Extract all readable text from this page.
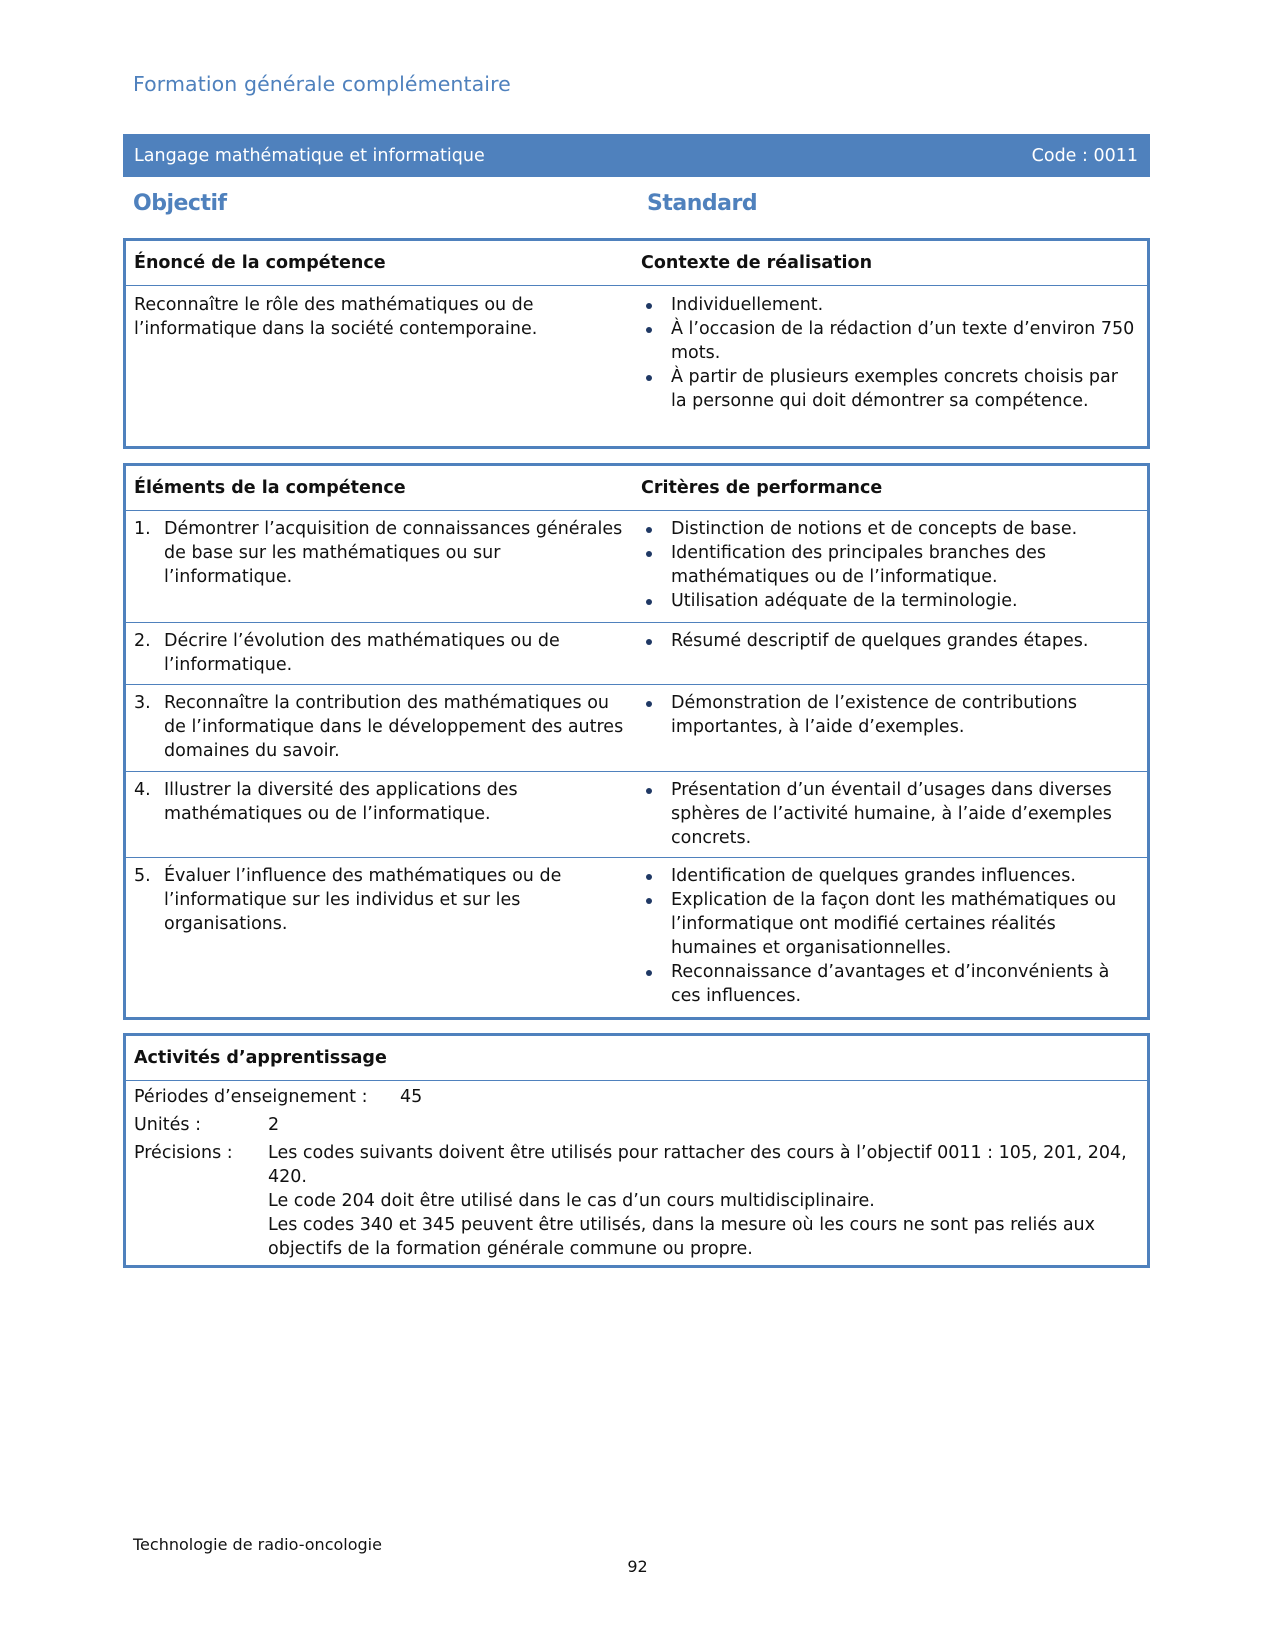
Formation générale complémentaire
Langage mathématique et informatique	Code : 0011
Objectif	Standard
Énoncé de la compétence	Contexte de réalisation
Reconnaître le rôle des mathématiques ou de l’informatique dans la société contemporaine.
Individuellement.
À l’occasion de la rédaction d’un texte d’environ 750 mots.
À partir de plusieurs exemples concrets choisis par la personne qui doit démontrer sa compétence.
Éléments de la compétence	Critères de performance
1. Démontrer l’acquisition de connaissances générales de base sur les mathématiques ou sur l’informatique.
Distinction de notions et de concepts de base.
Identification des principales branches des mathématiques ou de l’informatique.
Utilisation adéquate de la terminologie.
2. Décrire l’évolution des mathématiques ou de l’informatique.
Résumé descriptif de quelques grandes étapes.
3. Reconnaître la contribution des mathématiques ou de l’informatique dans le développement des autres domaines du savoir.
Démonstration de l’existence de contributions importantes, à l’aide d’exemples.
4. Illustrer la diversité des applications des mathématiques ou de l’informatique.
Présentation d’un éventail d’usages dans diverses sphères de l’activité humaine, à l’aide d’exemples concrets.
5. Évaluer l’influence des mathématiques ou de l’informatique sur les individus et sur les organisations.
Identification de quelques grandes influences.
Explication de la façon dont les mathématiques ou l’informatique ont modifié certaines réalités humaines et organisationnelles.
Reconnaissance d’avantages et d’inconvénients à ces influences.
Activités d’apprentissage
Périodes d’enseignement :	45
Unités :	2
Précisions :	Les codes suivants doivent être utilisés pour rattacher des cours à l’objectif 0011 : 105, 201, 204, 420.
Le code 204 doit être utilisé dans le cas d’un cours multidisciplinaire.
Les codes 340 et 345 peuvent être utilisés, dans la mesure où les cours ne sont pas reliés aux objectifs de la formation générale commune ou propre.
Technologie de radio-oncologie
92
